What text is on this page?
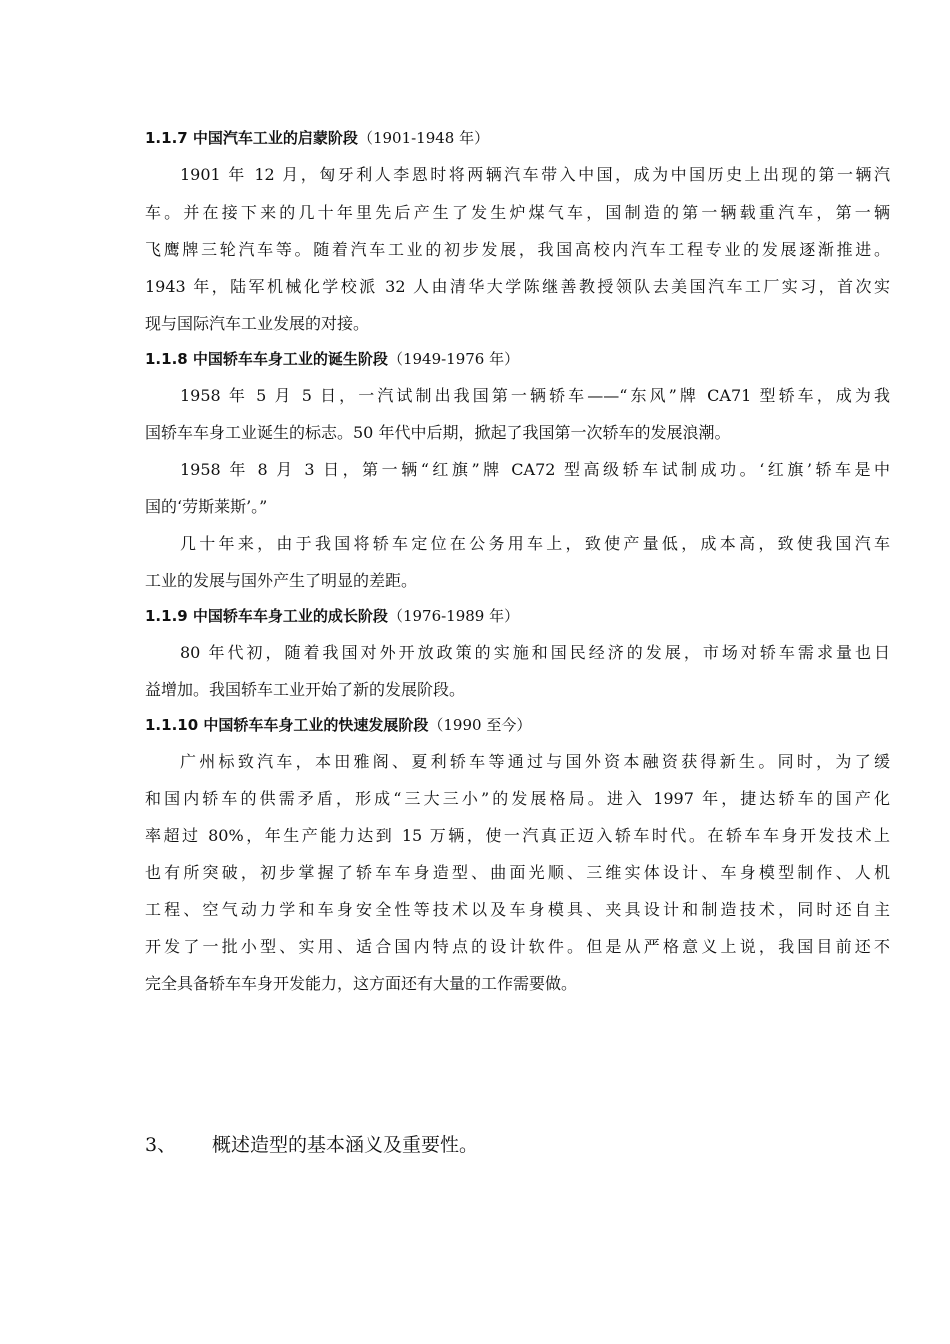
1.1.7 中国汽车工业的启蒙阶段（1901-1948 年）
1901 年 12 月，匈牙利人李恩时将两辆汽车带入中国，成为中国历史上出现的第一辆汽
车。并在接下来的几十年里先后产生了发生炉煤气车，国制造的第一辆载重汽车，第一辆
飞鹰牌三轮汽车等。随着汽车工业的初步发展，我国高校内汽车工程专业的发展逐渐推进。
1943 年，陆军机械化学校派 32 人由清华大学陈继善教授领队去美国汽车工厂实习，首次实
现与国际汽车工业发展的对接。
1.1.8 中国轿车车身工业的诞生阶段（1949-1976 年）
1958 年 5 月 5 日，一汽试制出我国第一辆轿车——“东风”牌 CA71 型轿车，成为我
国轿车车身工业诞生的标志。50 年代中后期，掀起了我国第一次轿车的发展浪潮。
1958 年 8 月 3 日，第一辆“红旗”牌 CA72 型高级轿车试制成功。‘红旗’轿车是中
国的‘劳斯莱斯’。”
几十年来，由于我国将轿车定位在公务用车上，致使产量低，成本高，致使我国汽车
工业的发展与国外产生了明显的差距。
1.1.9 中国轿车车身工业的成长阶段（1976-1989 年）
80 年代初，随着我国对外开放政策的实施和国民经济的发展，市场对轿车需求量也日
益增加。我国轿车工业开始了新的发展阶段。
1.1.10 中国轿车车身工业的快速发展阶段（1990 至今）
广州标致汽车，本田雅阁、夏利轿车等通过与国外资本融资获得新生。同时，为了缓
和国内轿车的供需矛盾，形成“三大三小”的发展格局。进入 1997 年，捷达轿车的国产化
率超过 80%，年生产能力达到 15 万辆，使一汽真正迈入轿车时代。在轿车车身开发技术上
也有所突破，初步掌握了轿车车身造型、曲面光顺、三维实体设计、车身模型制作、人机
工程、空气动力学和车身安全性等技术以及车身模具、夹具设计和制造技术，同时还自主
开发了一批小型、实用、适合国内特点的设计软件。但是从严格意义上说，我国目前还不
完全具备轿车车身开发能力，这方面还有大量的工作需要做。
3、 概述造型的基本涵义及重要性。
